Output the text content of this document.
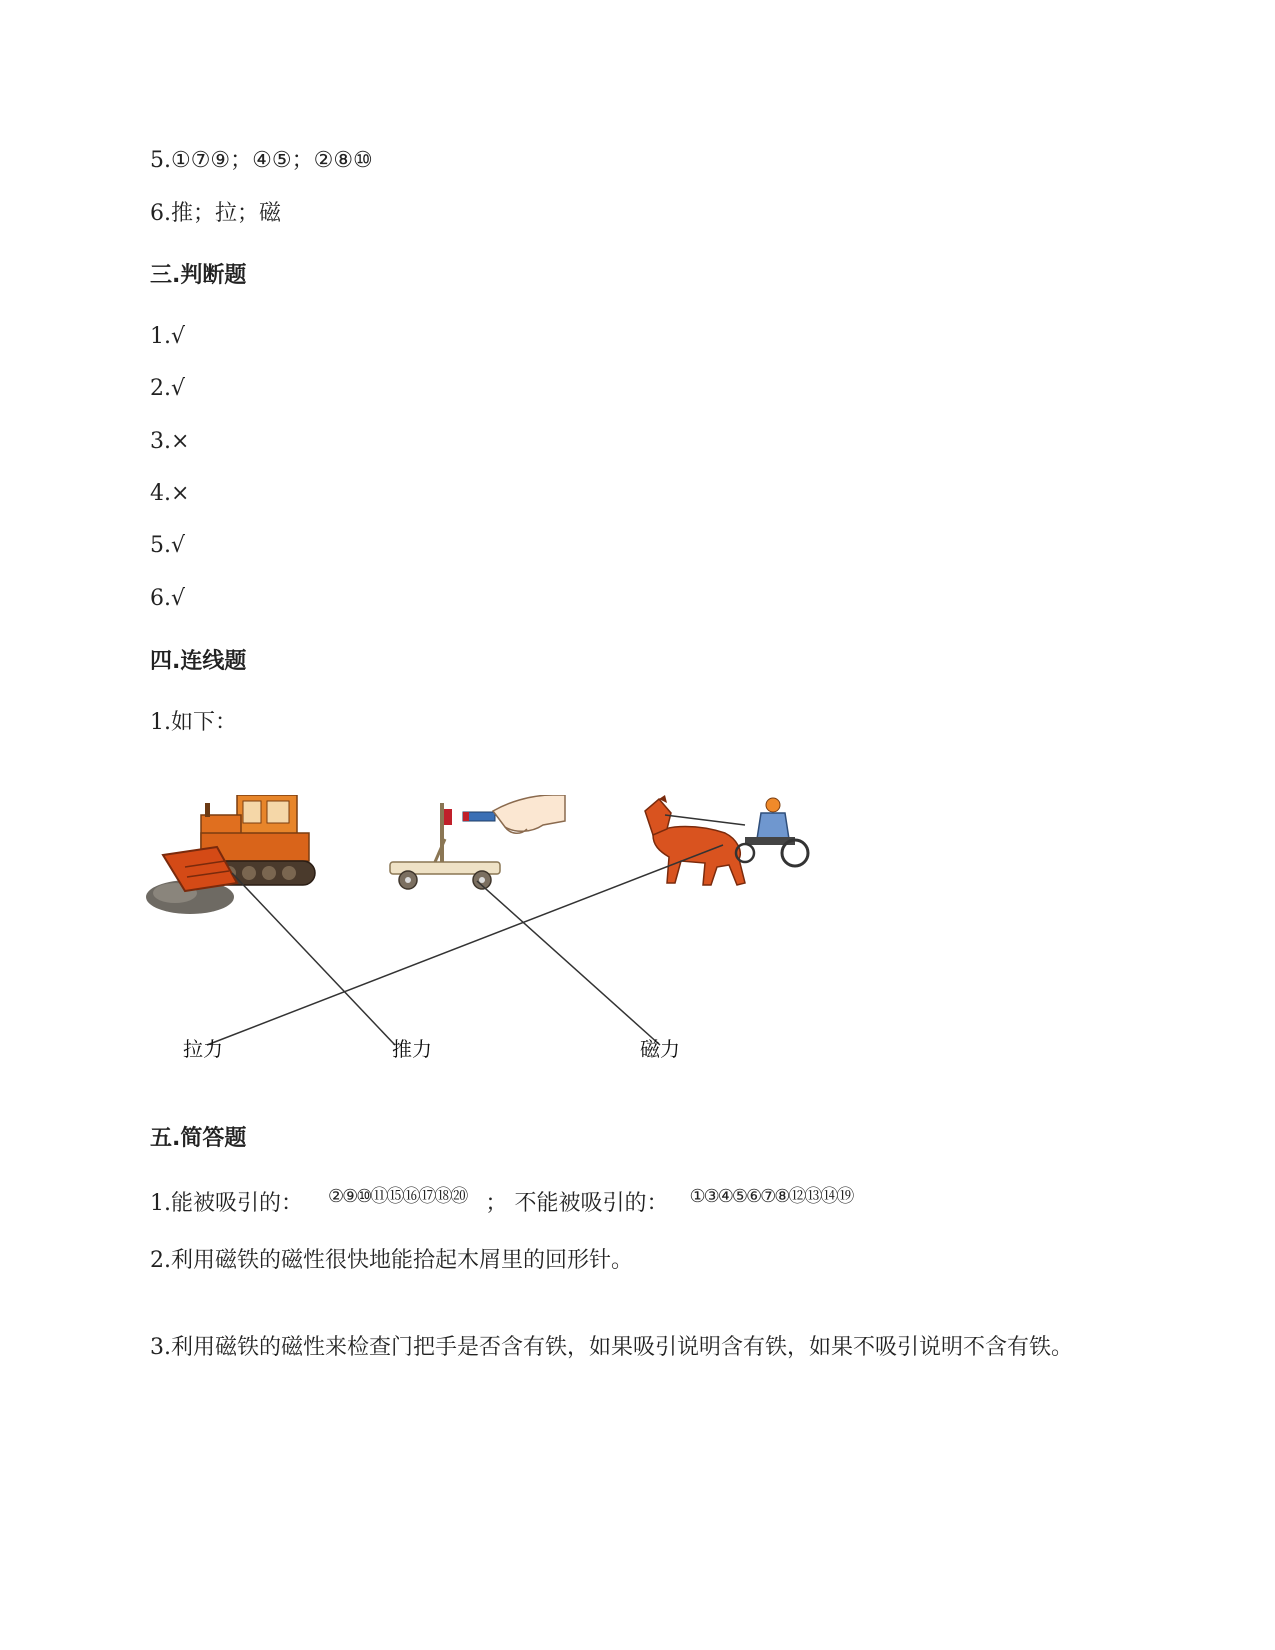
5.①⑦⑨；④⑤；②⑧⑩
6.推；拉；磁
三.判断题
1.√
2.√
3.×
4.×
5.√
6.√
四.连线题
1.如下：
拉力	推力	磁力
五.简答题
1.能被吸引的： ②⑨⑩⑪⑮⑯⑰⑱⑳ ； 不能被吸引的： ①③④⑤⑥⑦⑧⑫⑬⑭⑲
2.利用磁铁的磁性很快地能拾起木屑里的回形针。
3.利用磁铁的磁性来检查门把手是否含有铁，如果吸引说明含有铁，如果不吸引说明不含有铁。
